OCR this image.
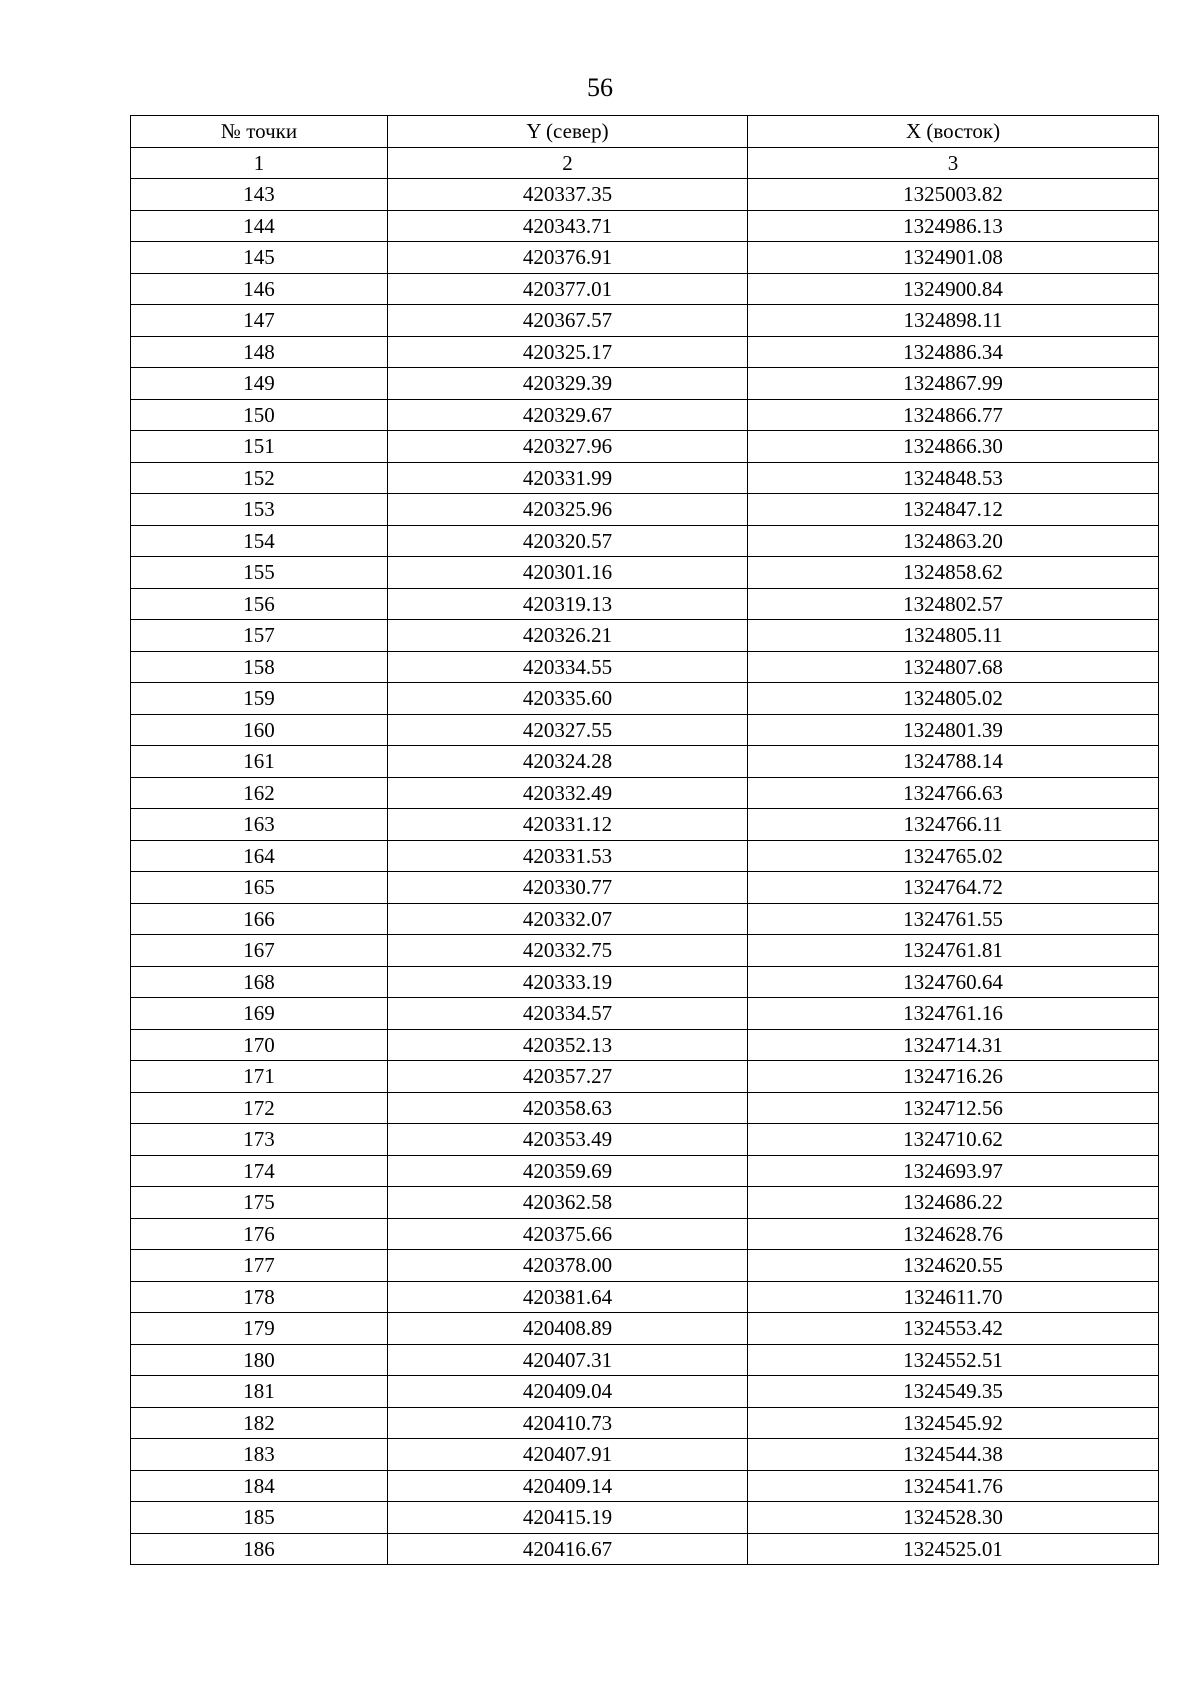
56
№ точки	Y (север)	X (восток)
1	2	3
143	420337.35	1325003.82
144	420343.71	1324986.13
145	420376.91	1324901.08
146	420377.01	1324900.84
147	420367.57	1324898.11
148	420325.17	1324886.34
149	420329.39	1324867.99
150	420329.67	1324866.77
151	420327.96	1324866.30
152	420331.99	1324848.53
153	420325.96	1324847.12
154	420320.57	1324863.20
155	420301.16	1324858.62
156	420319.13	1324802.57
157	420326.21	1324805.11
158	420334.55	1324807.68
159	420335.60	1324805.02
160	420327.55	1324801.39
161	420324.28	1324788.14
162	420332.49	1324766.63
163	420331.12	1324766.11
164	420331.53	1324765.02
165	420330.77	1324764.72
166	420332.07	1324761.55
167	420332.75	1324761.81
168	420333.19	1324760.64
169	420334.57	1324761.16
170	420352.13	1324714.31
171	420357.27	1324716.26
172	420358.63	1324712.56
173	420353.49	1324710.62
174	420359.69	1324693.97
175	420362.58	1324686.22
176	420375.66	1324628.76
177	420378.00	1324620.55
178	420381.64	1324611.70
179	420408.89	1324553.42
180	420407.31	1324552.51
181	420409.04	1324549.35
182	420410.73	1324545.92
183	420407.91	1324544.38
184	420409.14	1324541.76
185	420415.19	1324528.30
186	420416.67	1324525.01
